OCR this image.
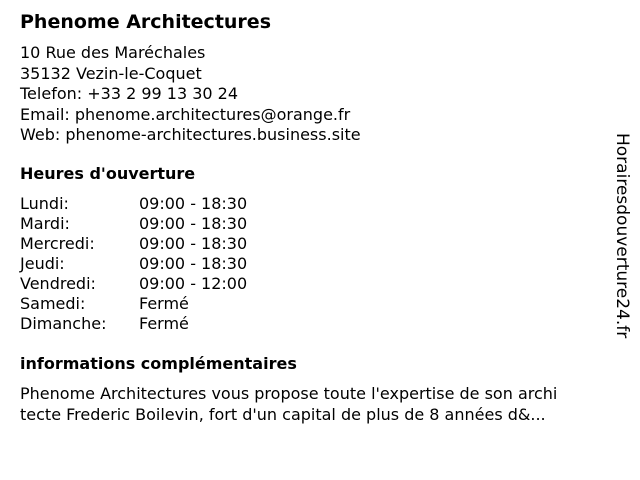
Phenome Architectures
10 Rue des Maréchales
35132 Vezin-le-Coquet
Telefon: +33 2 99 13 30 24
Email: phenome.architectures@orange.fr
Web: phenome-architectures.business.site
Heures d'ouverture
Lundi:	09:00 - 18:30
Mardi:	09:00 - 18:30
Mercredi:	09:00 - 18:30
Jeudi:	09:00 - 18:30
Vendredi:	09:00 - 12:00
Samedi:	Fermé
Dimanche:	Fermé
informations complémentaires
Phenome Architectures vous propose toute l'expertise de son archi
tecte Frederic Boilevin, fort d'un capital de plus de 8 années d&...
Horairesdouverture24.fr
